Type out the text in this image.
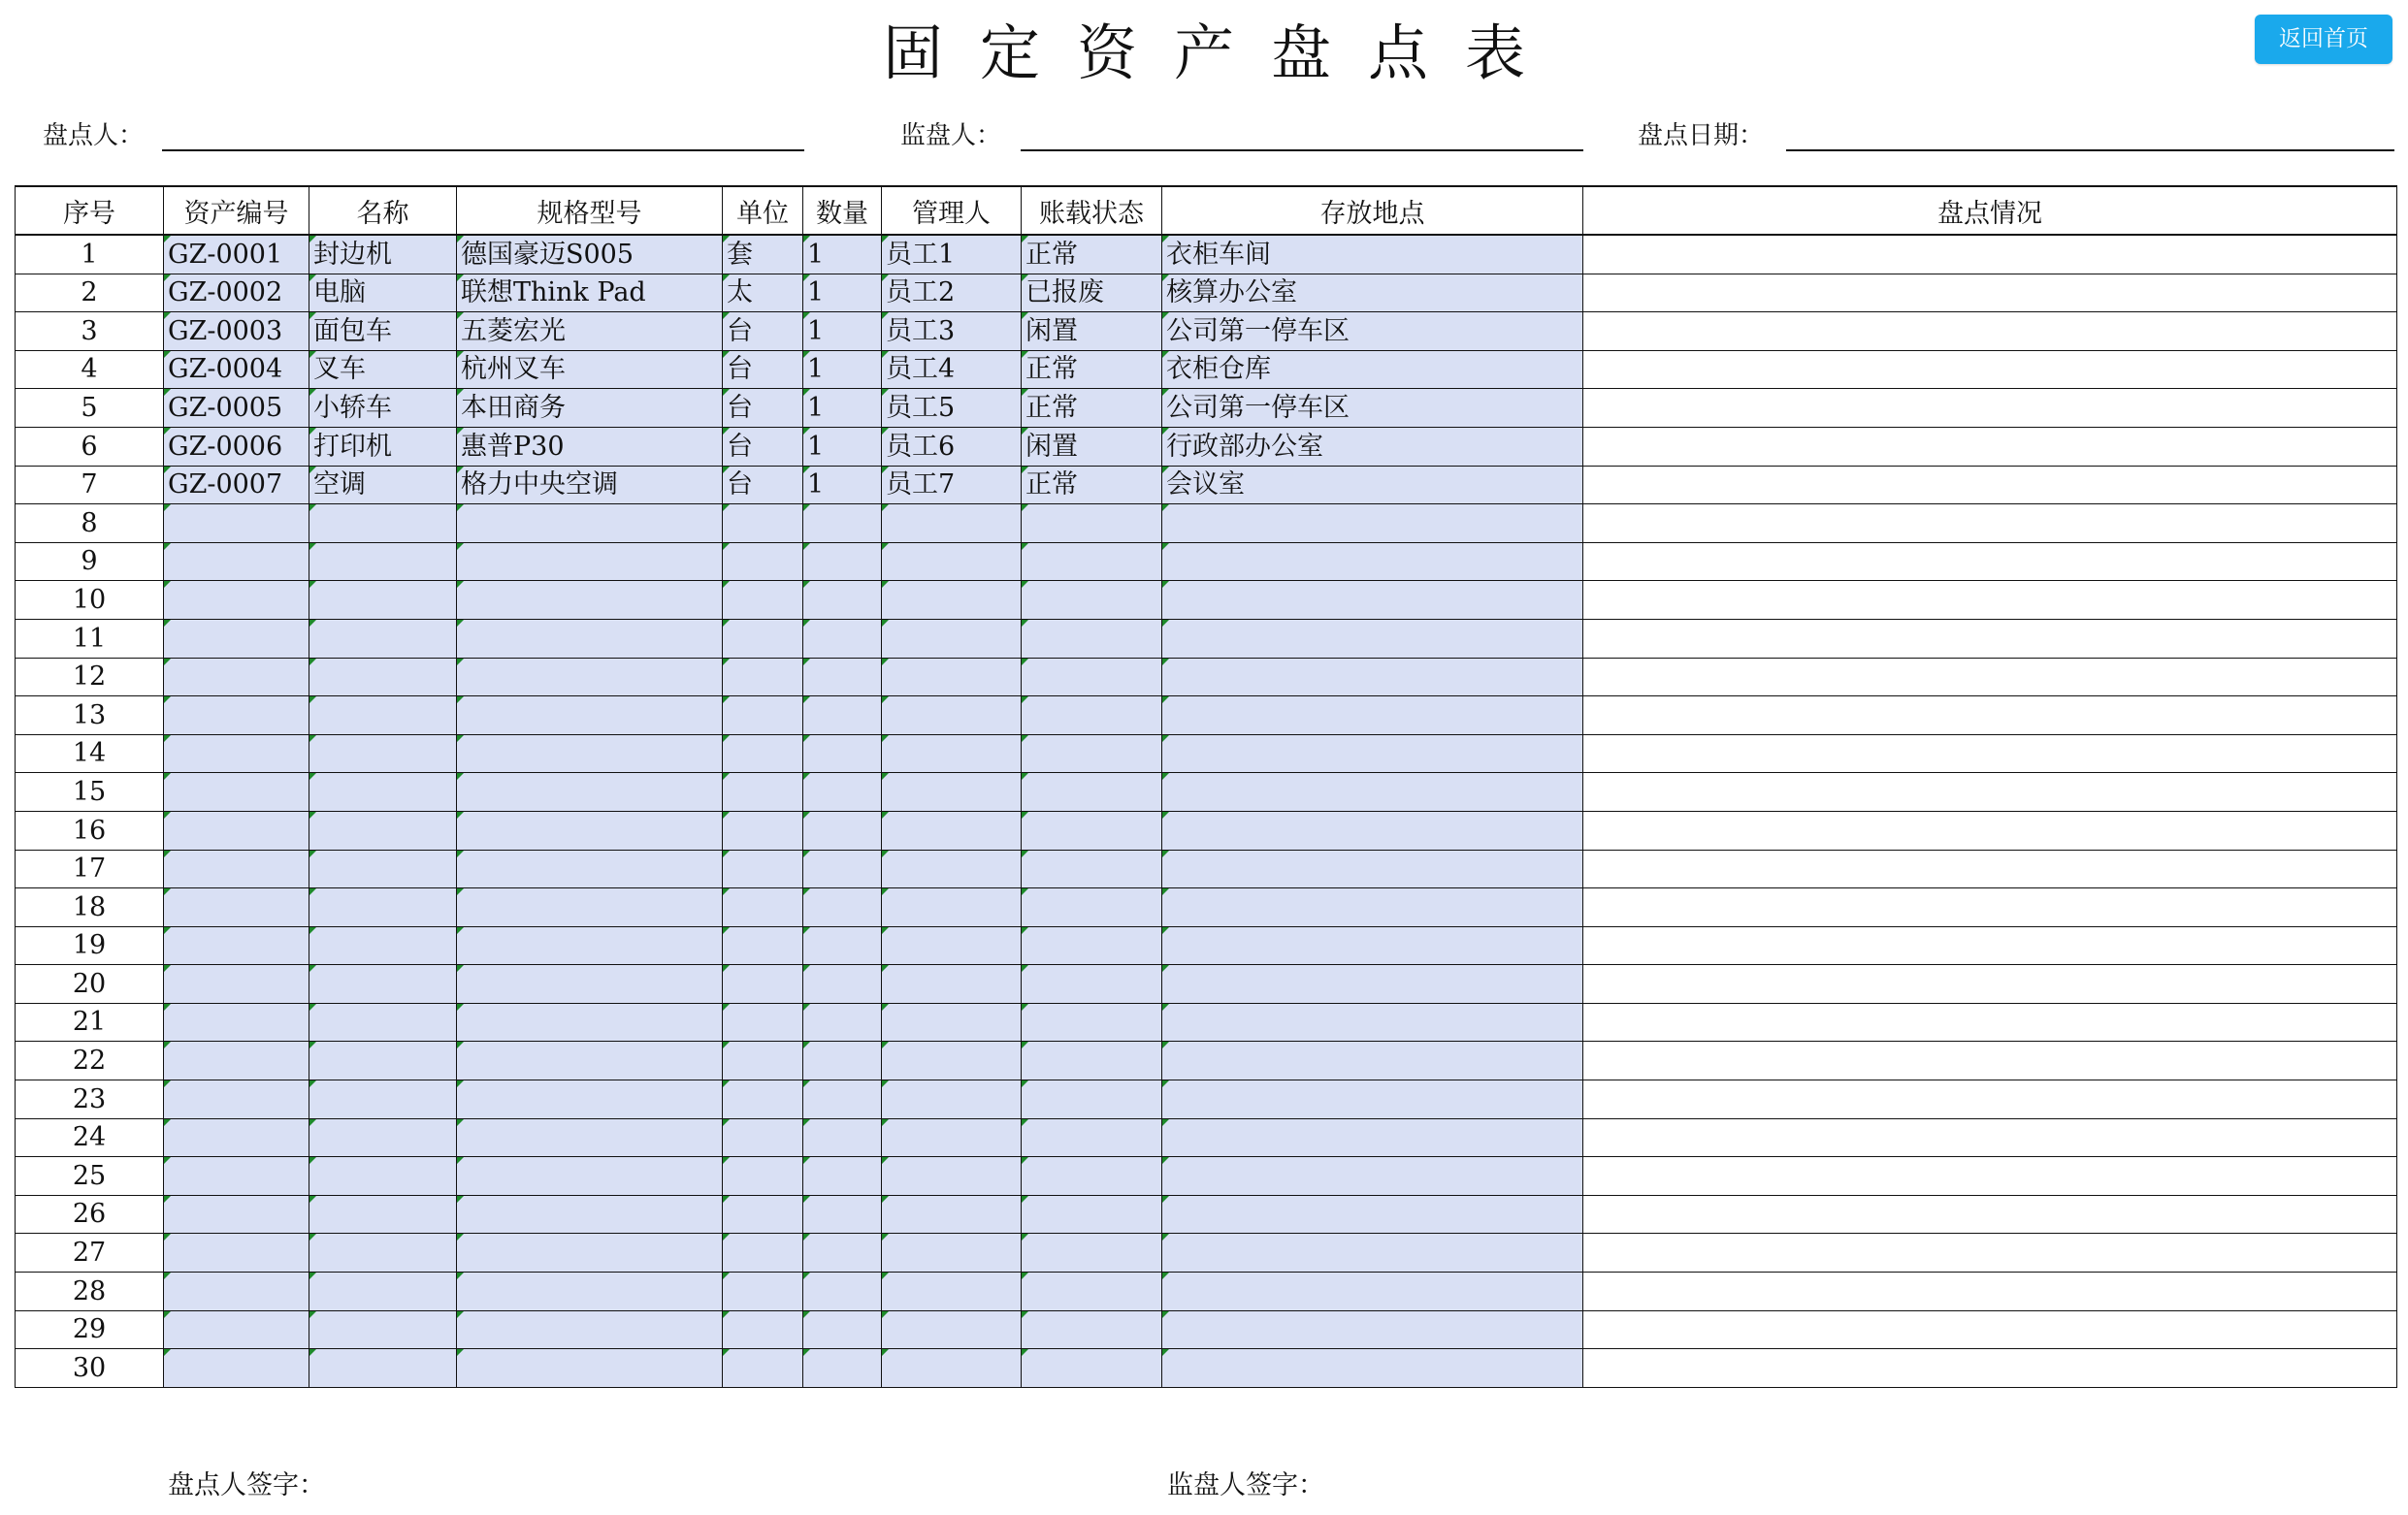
固定资产盘点表	返回首页
盘点人：	监盘人：	盘点日期：
序号	资产编号	名称	规格型号	单位	数量	管理人	账载状态	存放地点	盘点情况
1	GZ-0001	封边机	德国豪迈S005	套	1	员工1	正常	衣柜车间	
2	GZ-0002	电脑	联想Think Pad	太	1	员工2	已报废	核算办公室	
3	GZ-0003	面包车	五菱宏光	台	1	员工3	闲置	公司第一停车区	
4	GZ-0004	叉车	杭州叉车	台	1	员工4	正常	衣柜仓库	
5	GZ-0005	小轿车	本田商务	台	1	员工5	正常	公司第一停车区	
6	GZ-0006	打印机	惠普P30	台	1	员工6	闲置	行政部办公室	
7	GZ-0007	空调	格力中央空调	台	1	员工7	正常	会议室	
8									
9									
10									
11									
12									
13									
14									
15									
16									
17									
18									
19									
20									
21									
22									
23									
24									
25									
26									
27									
28									
29									
30									
盘点人签字：	监盘人签字：
